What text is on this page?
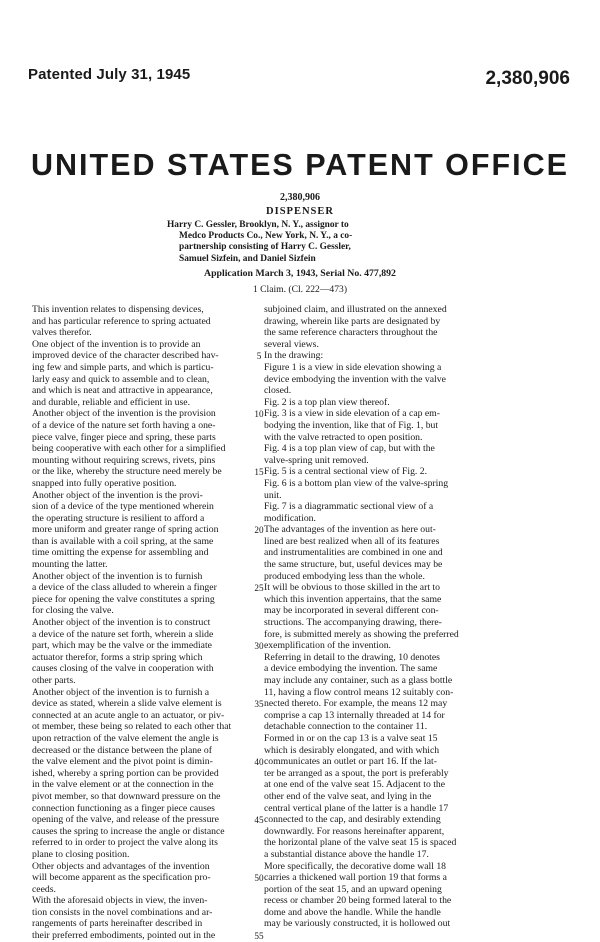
Patented July 31, 1945	2,380,906
UNITED STATES PATENT OFFICE
2,380,906
DISPENSER
Harry C. Gessler, Brooklyn, N. Y., assignor to
Medco Products Co., New York, N. Y., a co-
partnership consisting of Harry C. Gessler,
Samuel Sizfein, and Daniel Sizfein
Application March 3, 1943, Serial No. 477,892
1 Claim. (Cl. 222—473)
This invention relates to dispensing devices,
and has particular reference to spring actuated
valves therefor.
One object of the invention is to provide an
improved device of the character described hav-
ing few and simple parts, and which is particu-
larly easy and quick to assemble and to clean,
and which is neat and attractive in appearance,
and durable, reliable and efficient in use.
Another object of the invention is the provision
of a device of the nature set forth having a one-
piece valve, finger piece and spring, these parts
being cooperative with each other for a simplified
mounting without requiring screws, rivets, pins
or the like, whereby the structure need merely be
snapped into fully operative position.
Another object of the invention is the provi-
sion of a device of the type mentioned wherein
the operating structure is resilient to afford a
more uniform and greater range of spring action
than is available with a coil spring, at the same
time omitting the expense for assembling and
mounting the latter.
Another object of the invention is to furnish
a device of the class alluded to wherein a finger
piece for opening the valve constitutes a spring
for closing the valve.
Another object of the invention is to construct
a device of the nature set forth, wherein a slide
part, which may be the valve or the immediate
actuator therefor, forms a strip spring which
causes closing of the valve in cooperation with
other parts.
Another object of the invention is to furnish a
device as stated, wherein a slide valve element is
connected at an acute angle to an actuator, or piv-
ot member, these being so related to each other that
upon retraction of the valve element the angle is
decreased or the distance between the plane of
the valve element and the pivot point is dimin-
ished, whereby a spring portion can be provided
in the valve element or at the connection in the
pivot member, so that downward pressure on the
connection functioning as a finger piece causes
opening of the valve, and release of the pressure
causes the spring to increase the angle or distance
referred to in order to project the valve along its
plane to closing position.
Other objects and advantages of the invention
will become apparent as the specification pro-
ceeds.
With the aforesaid objects in view, the inven-
tion consists in the novel combinations and ar-
rangements of parts hereinafter described in
their preferred embodiments, pointed out in the
subjoined claim, and illustrated on the annexed
drawing, wherein like parts are designated by
the same reference characters throughout the
several views.
In the drawing:
Figure 1 is a view in side elevation showing a
device embodying the invention with the valve
closed.
Fig. 2 is a top plan view thereof.
Fig. 3 is a view in side elevation of a cap em-
bodying the invention, like that of Fig. 1, but
with the valve retracted to open position.
Fig. 4 is a top plan view of cap, but with the
valve-spring unit removed.
Fig. 5 is a central sectional view of Fig. 2.
Fig. 6 is a bottom plan view of the valve-spring
unit.
Fig. 7 is a diagrammatic sectional view of a
modification.
The advantages of the invention as here out-
lined are best realized when all of its features
and instrumentalities are combined in one and
the same structure, but, useful devices may be
produced embodying less than the whole.
It will be obvious to those skilled in the art to
which this invention appertains, that the same
may be incorporated in several different con-
structions. The accompanying drawing, there-
fore, is submitted merely as showing the preferred
exemplification of the invention.
Referring in detail to the drawing, 10 denotes
a device embodying the invention. The same
may include any container, such as a glass bottle
11, having a flow control means 12 suitably con-
nected thereto. For example, the means 12 may
comprise a cap 13 internally threaded at 14 for
detachable connection to the container 11.
Formed in or on the cap 13 is a valve seat 15
which is desirably elongated, and with which
communicates an outlet or part 16. If the lat-
ter be arranged as a spout, the port is preferably
at one end of the valve seat 15. Adjacent to the
other end of the valve seat, and lying in the
central vertical plane of the latter is a handle 17
connected to the cap, and desirably extending
downwardly. For reasons hereinafter apparent,
the horizontal plane of the valve seat 15 is spaced
a substantial distance above the handle 17.
More specifically, the decorative dome wall 18
carries a thickened wall portion 19 that forms a
portion of the seat 15, and an upward opening
recess or chamber 20 being formed lateral to the
dome and above the handle. While the handle
may be variously constructed, it is hollowed out
5
10
15
20
25
30
35
40
45
50
55
